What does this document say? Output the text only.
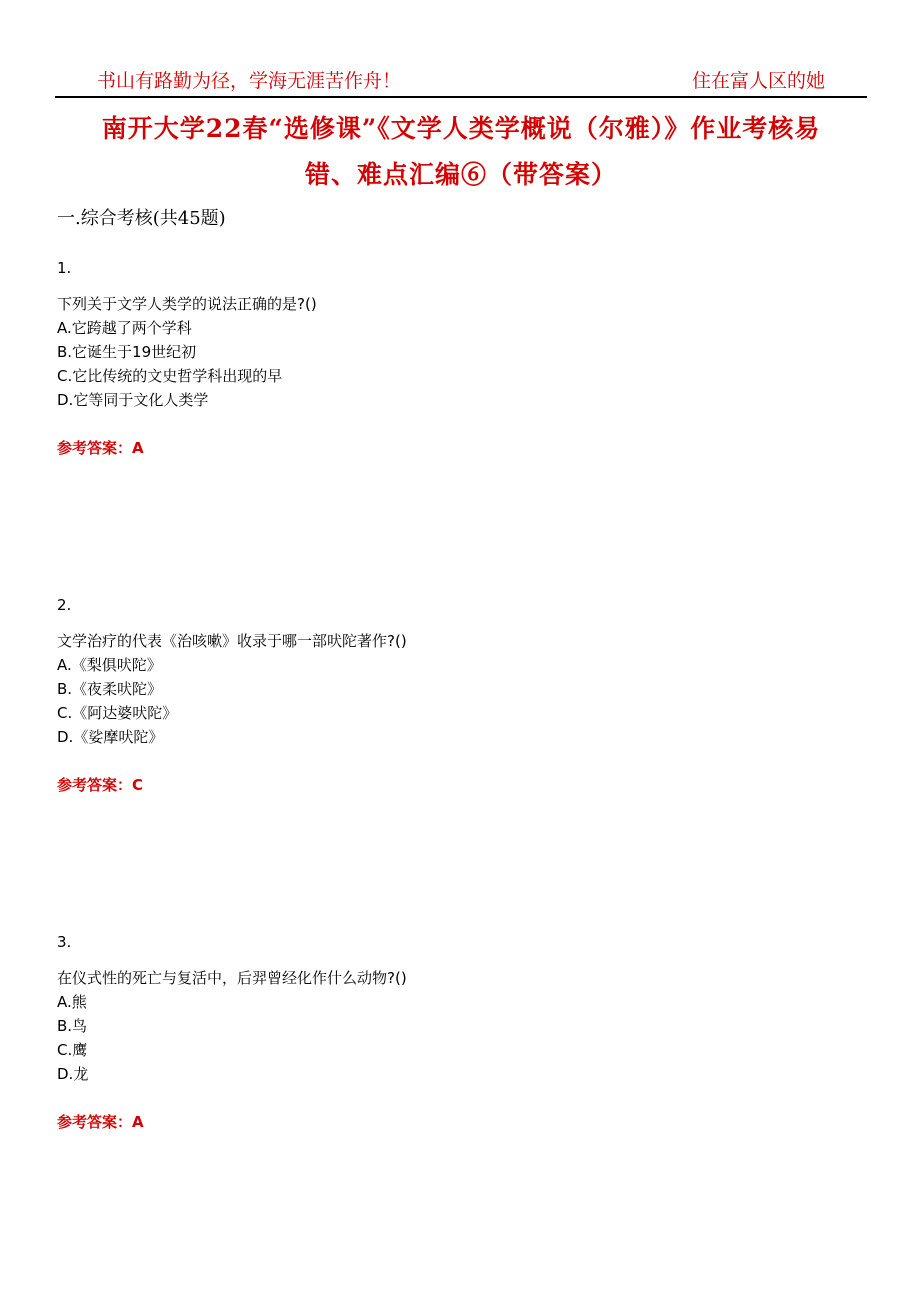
书山有路勤为径，学海无涯苦作舟！	住在富人区的她
南开大学22春“选修课”《文学人类学概说（尔雅）》作业考核易
错、难点汇编⑥（带答案）
一.综合考核(共45题)
1.
下列关于文学人类学的说法正确的是?()
A.它跨越了两个学科
B.它诞生于19世纪初
C.它比传统的文史哲学科出现的早
D.它等同于文化人类学
参考答案：A
2.
文学治疗的代表《治咳嗽》收录于哪一部吠陀著作?()
A.《梨俱吠陀》
B.《夜柔吠陀》
C.《阿达婆吠陀》
D.《娑摩吠陀》
参考答案：C
3.
在仪式性的死亡与复活中，后羿曾经化作什么动物?()
A.熊
B.鸟
C.鹰
D.龙
参考答案：A
